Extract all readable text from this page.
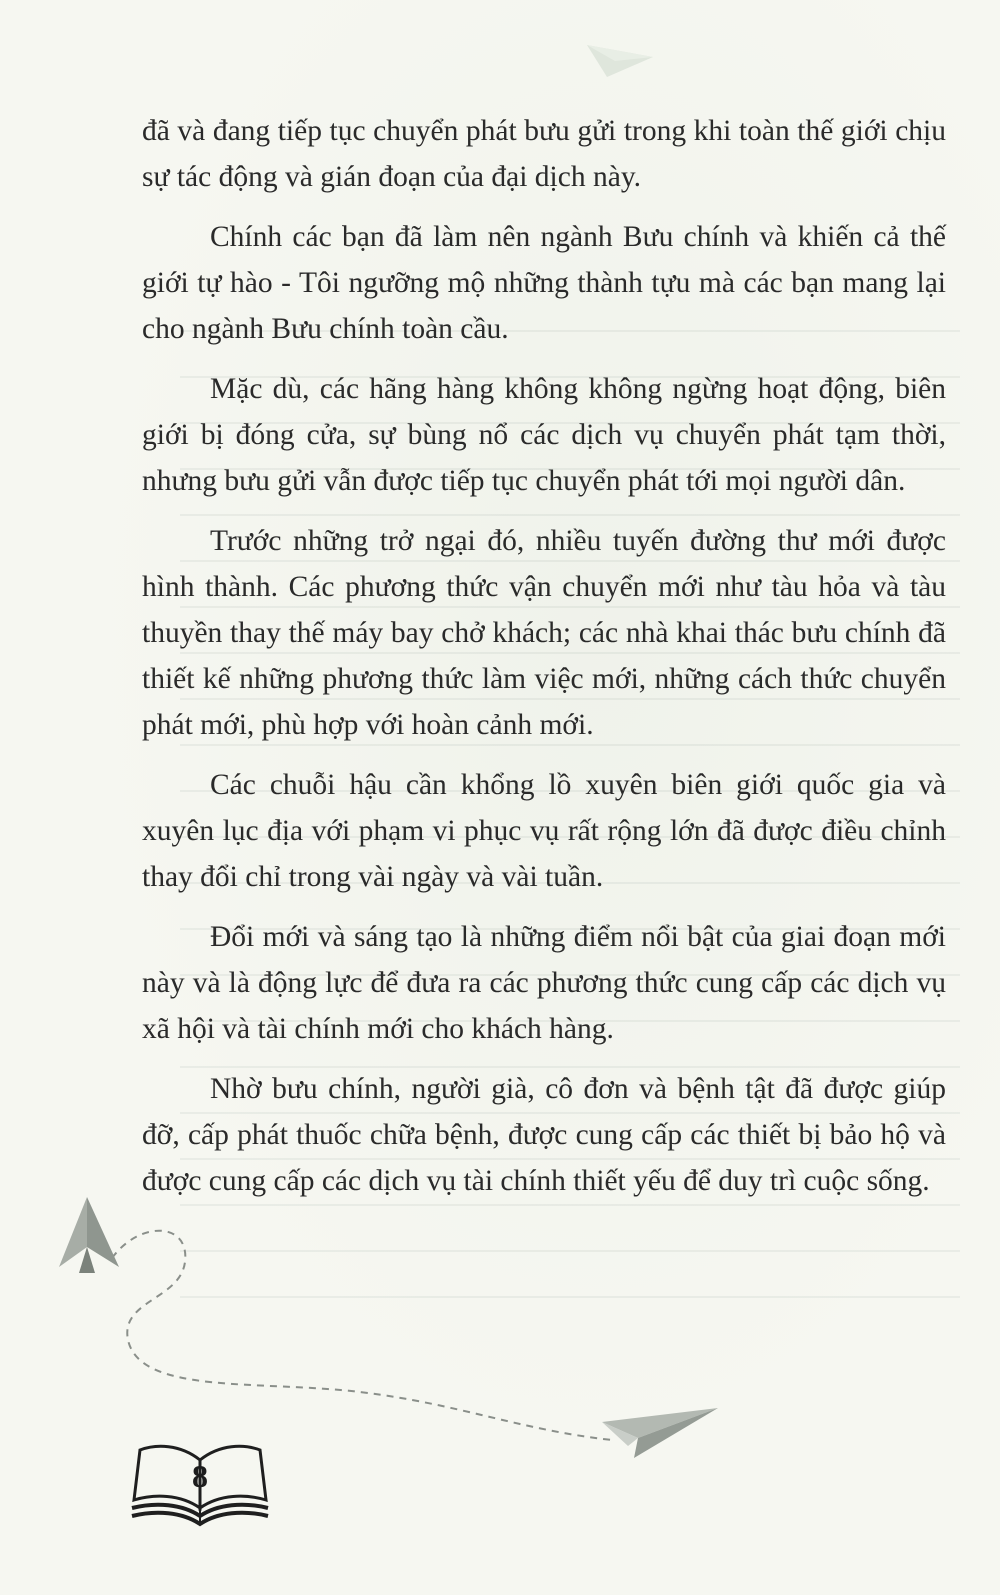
đã và đang tiếp tục chuyển phát bưu gửi trong khi toàn thế giới chịu sự tác động và gián đoạn của đại dịch này.

Chính các bạn đã làm nên ngành Bưu chính và khiến cả thế giới tự hào - Tôi ngưỡng mộ những thành tựu mà các bạn mang lại cho ngành Bưu chính toàn cầu.

Mặc dù, các hãng hàng không không ngừng hoạt động, biên giới bị đóng cửa, sự bùng nổ các dịch vụ chuyển phát tạm thời, nhưng bưu gửi vẫn được tiếp tục chuyển phát tới mọi người dân.

Trước những trở ngại đó, nhiều tuyến đường thư mới được hình thành. Các phương thức vận chuyển mới như tàu hỏa và tàu thuyền thay thế máy bay chở khách; các nhà khai thác bưu chính đã thiết kế những phương thức làm việc mới, những cách thức chuyển phát mới, phù hợp với hoàn cảnh mới.

Các chuỗi hậu cần khổng lồ xuyên biên giới quốc gia và xuyên lục địa với phạm vi phục vụ rất rộng lớn đã được điều chỉnh thay đổi chỉ trong vài ngày và vài tuần.

Đổi mới và sáng tạo là những điểm nổi bật của giai đoạn mới này và là động lực để đưa ra các phương thức cung cấp các dịch vụ xã hội và tài chính mới cho khách hàng.

Nhờ bưu chính, người già, cô đơn và bệnh tật đã được giúp đỡ, cấp phát thuốc chữa bệnh, được cung cấp các thiết bị bảo hộ và được cung cấp các dịch vụ tài chính thiết yếu để duy trì cuộc sống.

8
